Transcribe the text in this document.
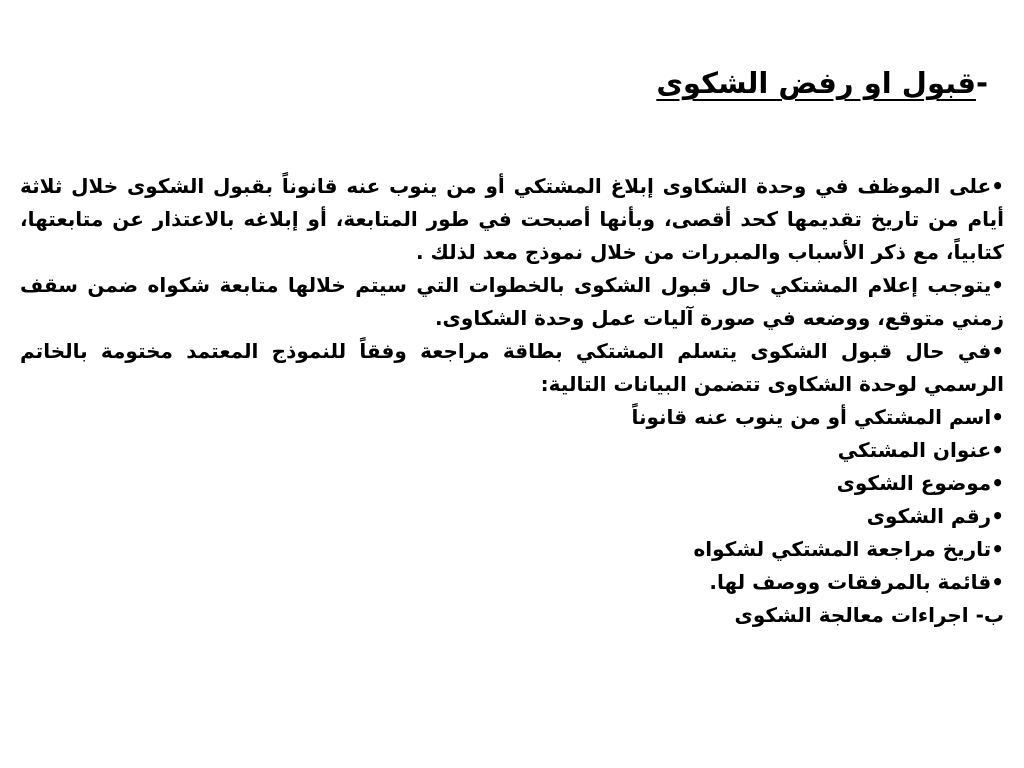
-قبول او رفض الشكوى

•على الموظف في وحدة الشكاوى إبلاغ المشتكي أو من ينوب عنه قانوناً بقبول الشكوى خلال ثلاثة أيام من تاريخ تقديمها كحد أقصى، وبأنها أصبحت في طور المتابعة، أو إبلاغه بالاعتذار عن متابعتها، كتابياً، مع ذكر الأسباب والمبررات من خلال نموذج معد لذلك .

•يتوجب إعلام المشتكي حال قبول الشكوى بالخطوات التي سيتم خلالها متابعة شكواه ضمن سقف زمني متوقع، ووضعه في صورة آليات عمل وحدة الشكاوى.

•في حال قبول الشكوى يتسلم المشتكي بطاقة مراجعة وفقاً للنموذج المعتمد مختومة بالخاتم الرسمي لوحدة الشكاوى تتضمن البيانات التالية:

•اسم المشتكي أو من ينوب عنه قانوناً

•عنوان المشتكي

•موضوع الشكوى

•رقم الشكوى

•تاريخ مراجعة المشتكي لشكواه

•قائمة بالمرفقات ووصف لها.

ب- اجراءات معالجة الشكوى
